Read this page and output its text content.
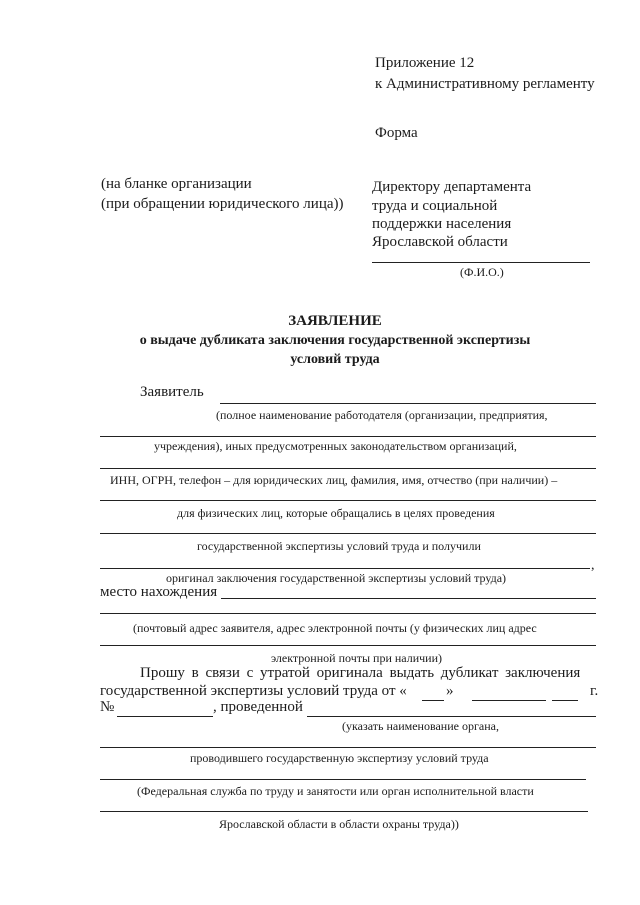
Приложение 12
к Административному регламенту
Форма
(на бланке организации
(при обращении юридического лица))
Директору департамента
труда и социальной
поддержки населения
Ярославской области
(Ф.И.О.)
ЗАЯВЛЕНИЕ
о выдаче дубликата заключения государственной экспертизы
условий труда
Заявитель
(полное наименование работодателя (организации, предприятия,
учреждения), иных предусмотренных законодательством организаций,
ИНН, ОГРН, телефон – для юридических лиц, фамилия, имя, отчество (при наличии) –
для физических лиц, которые обращались в целях проведения
государственной экспертизы условий труда и получили
,
оригинал заключения государственной экспертизы условий труда)
место нахождения
(почтовый адрес заявителя, адрес электронной почты (у физических лиц адрес
электронной почты при наличии)
Прошу в связи с утратой оригинала выдать дубликат заключения
государственной экспертизы условий труда от «	»	г.
№	, проведенной
(указать наименование органа,
проводившего государственную экспертизу условий труда
(Федеральная служба по труду и занятости или орган исполнительной власти
Ярославской области в области охраны труда))
